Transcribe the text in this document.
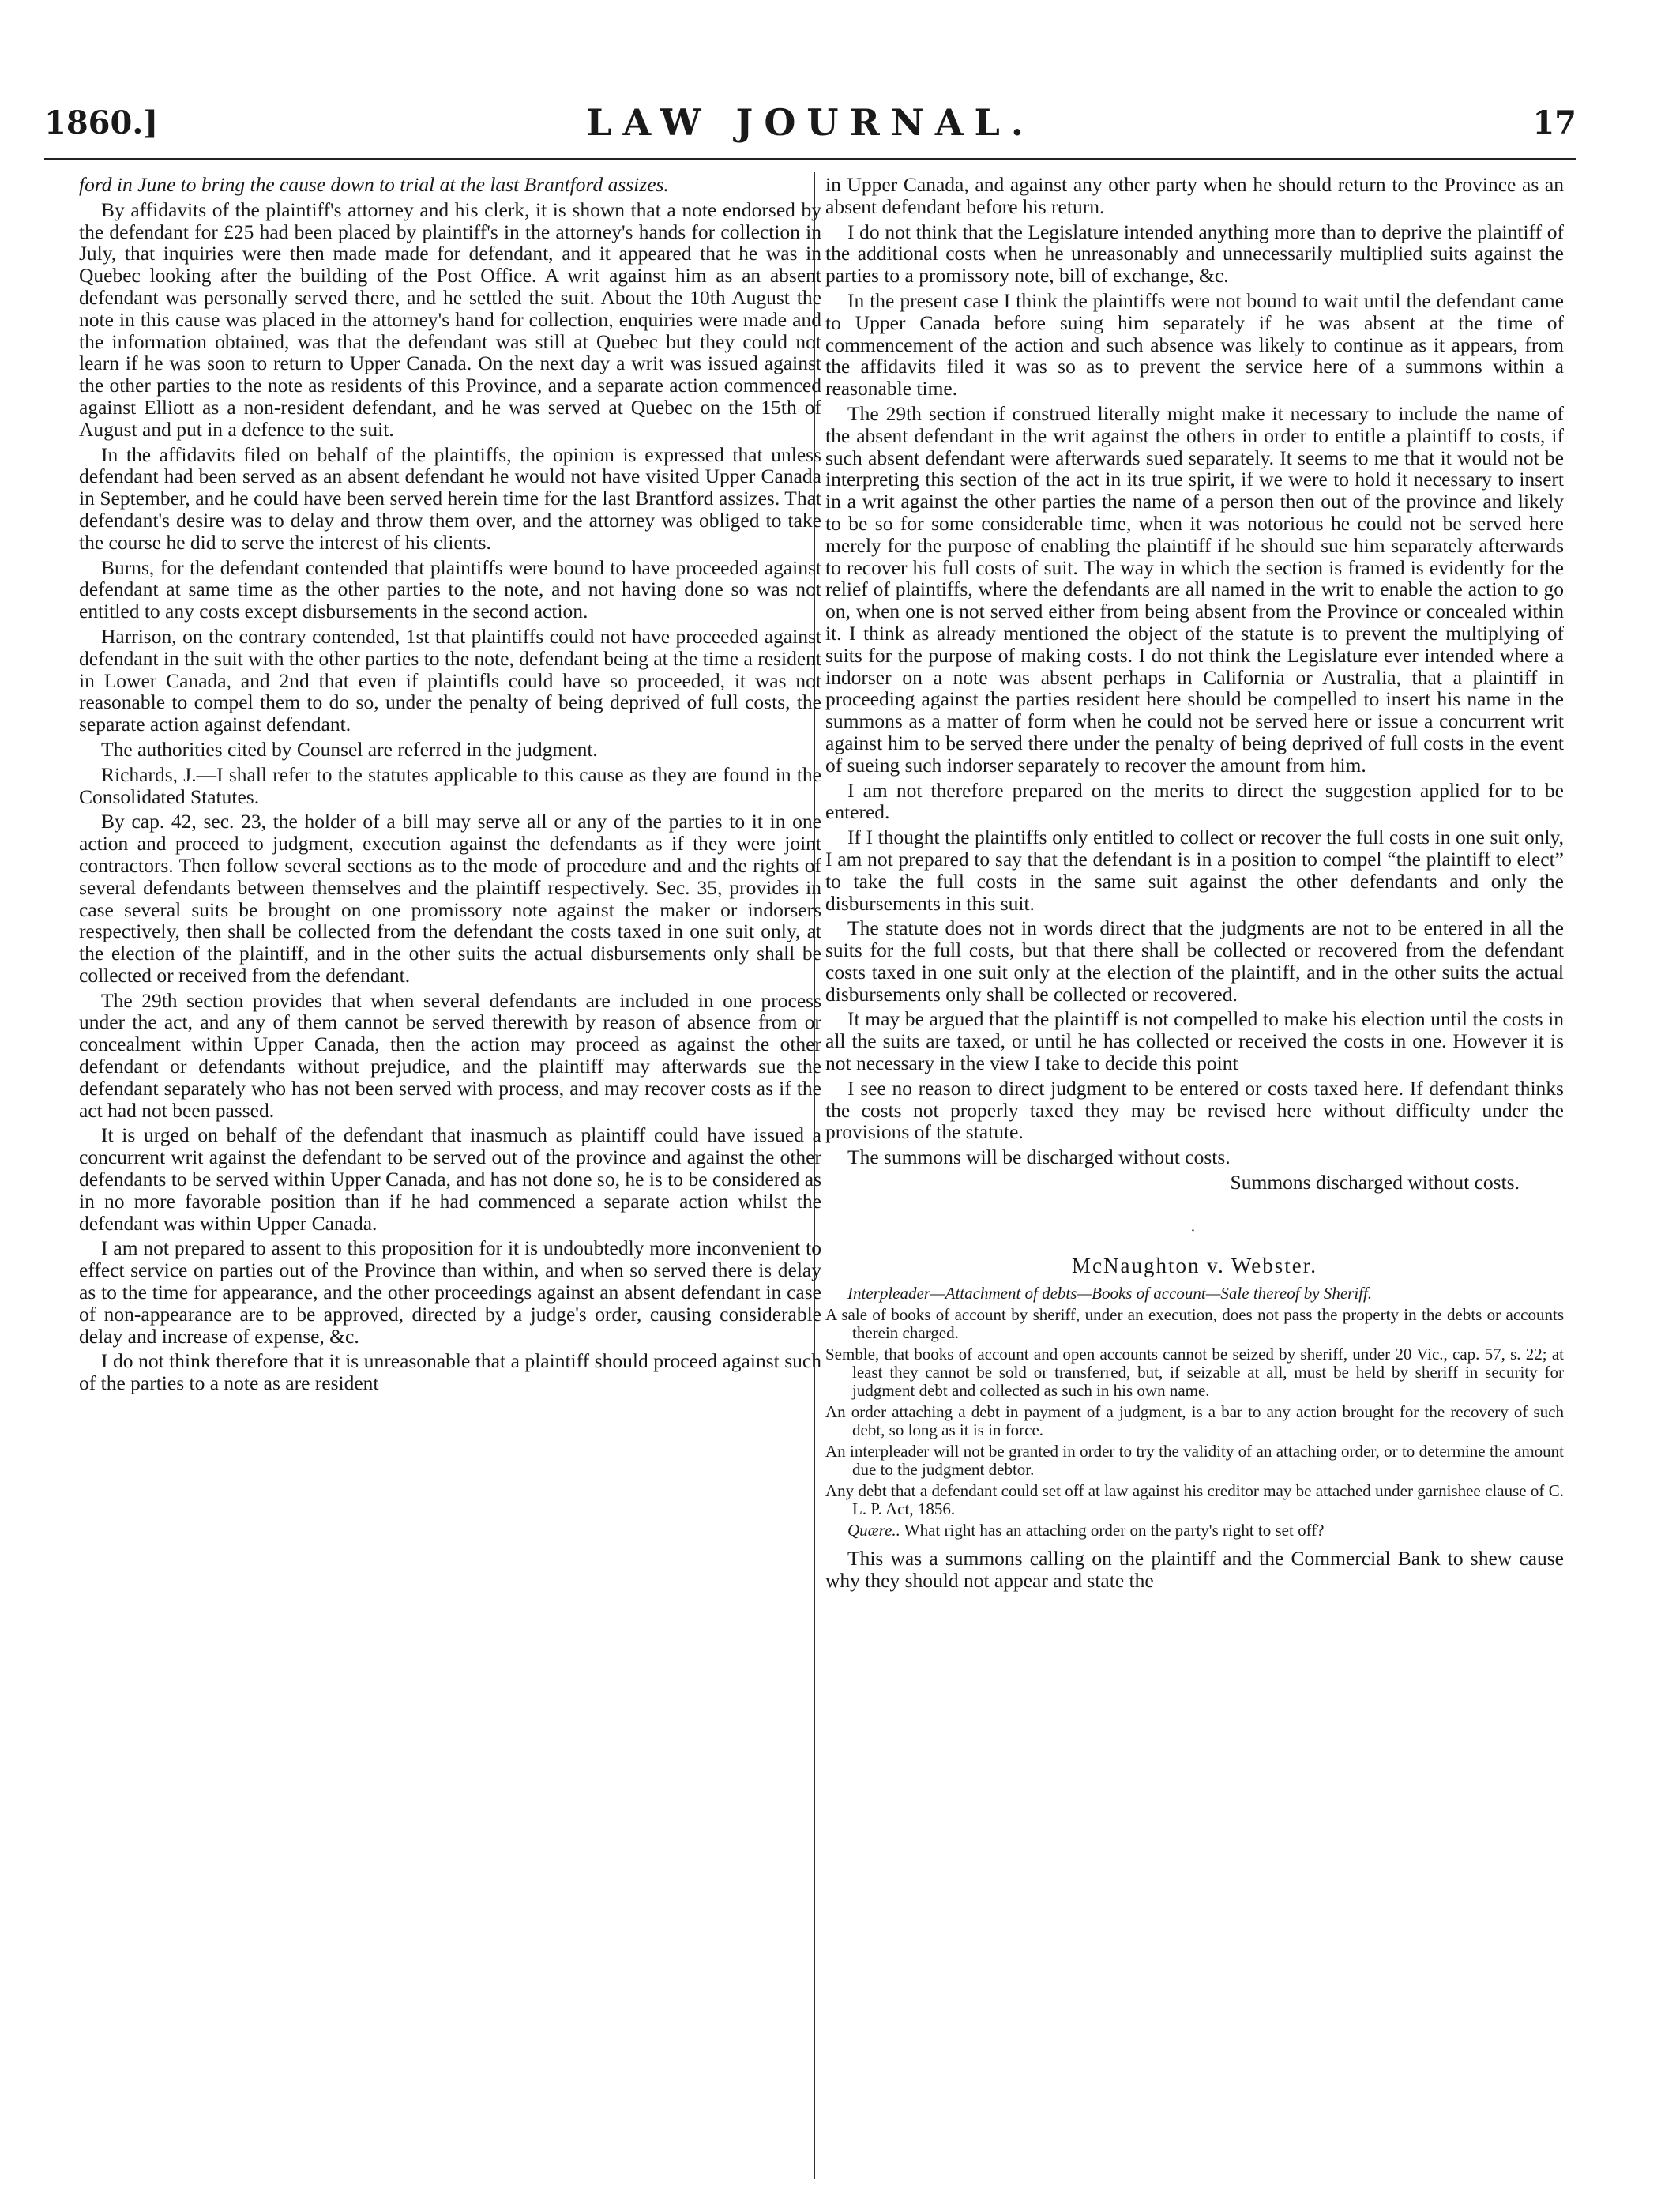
1860.]	LAW JOURNAL.	17

ford in June to bring the cause down to trial at the last Brantford assizes.

By affidavits of the plaintiff's attorney and his clerk, it is shown that a note endorsed by the defendant for £25 had been placed by plaintiff's in the attorney's hands for collection in July, that inquiries were then made made for defendant, and it appeared that he was in Quebec looking after the building of the Post Office. A writ against him as an absent defendant was personally served there, and he settled the suit. About the 10th August the note in this cause was placed in the attorney's hand for collection, enquiries were made and the information obtained, was that the defendant was still at Quebec but they could not learn if he was soon to return to Upper Canada. On the next day a writ was issued against the other parties to the note as residents of this Province, and a separate action commenced against Elliott as a non-resident defendant, and he was served at Quebec on the 15th of August and put in a defence to the suit.

In the affidavits filed on behalf of the plaintiffs, the opinion is expressed that unless defendant had been served as an absent defendant he would not have visited Upper Canada in September, and he could have been served herein time for the last Brantford assizes. That defendant's desire was to delay and throw them over, and the attorney was obliged to take the course he did to serve the interest of his clients.

Burns, for the defendant contended that plaintiffs were bound to have proceeded against defendant at same time as the other parties to the note, and not having done so was not entitled to any costs except disbursements in the second action.

Harrison, on the contrary contended, 1st that plaintiffs could not have proceeded against defendant in the suit with the other parties to the note, defendant being at the time a resident in Lower Canada, and 2nd that even if plaintifls could have so proceeded, it was not reasonable to compel them to do so, under the penalty of being deprived of full costs, the separate action against defendant.

The authorities cited by Counsel are referred in the judgment.

Richards, J.—I shall refer to the statutes applicable to this cause as they are found in the Consolidated Statutes.

By cap. 42, sec. 23, the holder of a bill may serve all or any of the parties to it in one action and proceed to judgment, execution against the defendants as if they were joint contractors. Then follow several sections as to the mode of procedure and and the rights of several defendants between themselves and the plaintiff respectively. Sec. 35, provides in case several suits be brought on one promissory note against the maker or indorsers respectively, then shall be collected from the defendant the costs taxed in one suit only, at the election of the plaintiff, and in the other suits the actual disbursements only shall be collected or received from the defendant.

The 29th section provides that when several defendants are included in one process under the act, and any of them cannot be served therewith by reason of absence from or concealment within Upper Canada, then the action may proceed as against the other defendant or defendants without prejudice, and the plaintiff may afterwards sue the defendant separately who has not been served with process, and may recover costs as if the act had not been passed.

It is urged on behalf of the defendant that inasmuch as plaintiff could have issued a concurrent writ against the defendant to be served out of the province and against the other defendants to be served within Upper Canada, and has not done so, he is to be considered as in no more favorable position than if he had commenced a separate action whilst the defendant was within Upper Canada.

I am not prepared to assent to this proposition for it is undoubtedly more inconvenient to effect service on parties out of the Province than within, and when so served there is delay as to the time for appearance, and the other proceedings against an absent defendant in case of non-appearance are to be approved, directed by a judge's order, causing considerable delay and increase of expense, &c.

I do not think therefore that it is unreasonable that a plaintiff should proceed against such of the parties to a note as are resident

in Upper Canada, and against any other party when he should return to the Province as an absent defendant before his return.

I do not think that the Legislature intended anything more than to deprive the plaintiff of the additional costs when he unreasonably and unnecessarily multiplied suits against the parties to a promissory note, bill of exchange, &c.

In the present case I think the plaintiffs were not bound to wait until the defendant came to Upper Canada before suing him separately if he was absent at the time of commencement of the action and such absence was likely to continue as it appears, from the affidavits filed it was so as to prevent the service here of a summons within a reasonable time.

The 29th section if construed literally might make it necessary to include the name of the absent defendant in the writ against the others in order to entitle a plaintiff to costs, if such absent defendant were afterwards sued separately. It seems to me that it would not be interpreting this section of the act in its true spirit, if we were to hold it necessary to insert in a writ against the other parties the name of a person then out of the province and likely to be so for some considerable time, when it was notorious he could not be served here merely for the purpose of enabling the plaintiff if he should sue him separately afterwards to recover his full costs of suit. The way in which the section is framed is evidently for the relief of plaintiffs, where the defendants are all named in the writ to enable the action to go on, when one is not served either from being absent from the Province or concealed within it. I think as already mentioned the object of the statute is to prevent the multiplying of suits for the purpose of making costs. I do not think the Legislature ever intended where a indorser on a note was absent perhaps in California or Australia, that a plaintiff in proceeding against the parties resident here should be compelled to insert his name in the summons as a matter of form when he could not be served here or issue a concurrent writ against him to be served there under the penalty of being deprived of full costs in the event of sueing such indorser separately to recover the amount from him.

I am not therefore prepared on the merits to direct the suggestion applied for to be entered.

If I thought the plaintiffs only entitled to collect or recover the full costs in one suit only, I am not prepared to say that the defendant is in a position to compel “the plaintiff to elect” to take the full costs in the same suit against the other defendants and only the disbursements in this suit.

The statute does not in words direct that the judgments are not to be entered in all the suits for the full costs, but that there shall be collected or recovered from the defendant costs taxed in one suit only at the election of the plaintiff, and in the other suits the actual disbursements only shall be collected or recovered.

It may be argued that the plaintiff is not compelled to make his election until the costs in all the suits are taxed, or until he has collected or received the costs in one. However it is not necessary in the view I take to decide this point

I see no reason to direct judgment to be entered or costs taxed here. If defendant thinks the costs not properly taxed they may be revised here without difficulty under the provisions of the statute.

The summons will be discharged without costs.

Summons discharged without costs.

—— · ——
McNaughton v. Webster.

Interpleader—Attachment of debts—Books of account—Sale thereof by Sheriff.

A sale of books of account by sheriff, under an execution, does not pass the property in the debts or accounts therein charged.

Semble, that books of account and open accounts cannot be seized by sheriff, under 20 Vic., cap. 57, s. 22; at least they cannot be sold or transferred, but, if seizable at all, must be held by sheriff in security for judgment debt and collected as such in his own name.

An order attaching a debt in payment of a judgment, is a bar to any action brought for the recovery of such debt, so long as it is in force.

An interpleader will not be granted in order to try the validity of an attaching order, or to determine the amount due to the judgment debtor.

Any debt that a defendant could set off at law against his creditor may be attached under garnishee clause of C. L. P. Act, 1856.

Quære.. What right has an attaching order on the party's right to set off?

This was a summons calling on the plaintiff and the Commercial Bank to shew cause why they should not appear and state the
